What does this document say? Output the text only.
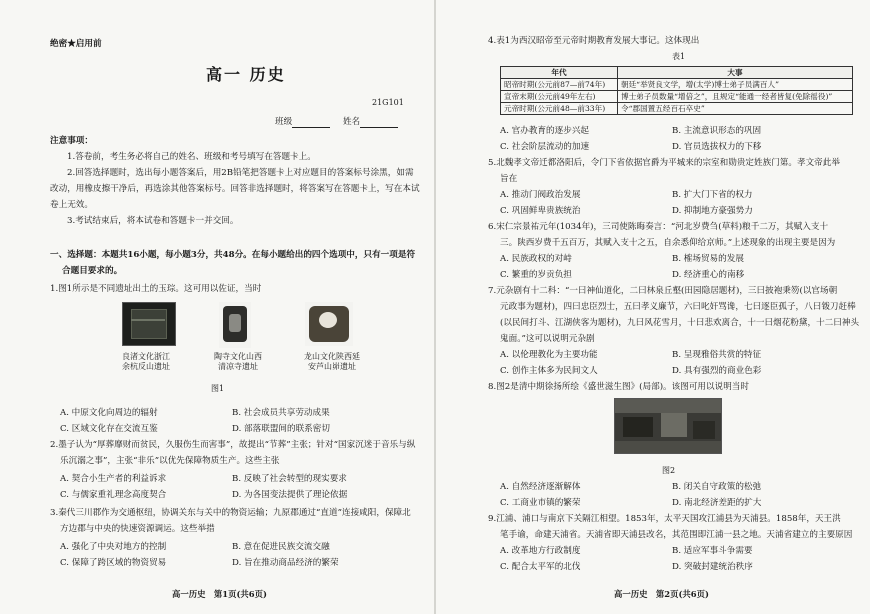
绝密★启用前
高一 历史
21G101
班级	姓名
注意事项：
1.答卷前，考生务必将自己的姓名、班级和考号填写在答题卡上。
2.回答选择题时，选出每小题答案后，用2B铅笔把答题卡上对应题目的答案标号涂黑，如需
改动，用橡皮擦干净后，再选涂其他答案标号。回答非选择题时，将答案写在答题卡上，写在本试
卷上无效。
3.考试结束后，将本试卷和答题卡一并交回。
一、选择题：本题共16小题，每小题3分，共48分。在每小题给出的四个选项中，只有一项是符
合题目要求的。
1.图1所示是不同遗址出土的玉琮。这可用以佐证，当时
良渚文化浙江
余杭反山遗址
陶寺文化山西
清凉寺遗址
龙山文化陕西延
安芦山峁遗址
图1
A. 中原文化向周边的辐射	B. 社会成员共享劳动成果
C. 区域文化存在交流互鉴	D. 部落联盟间的联系密切
2.墨子认为“厚葬靡财而贫民，久服伤生而害事”，故提出“节葬”主张；针对“国家沉迷于音乐与纵
乐沉溺之事”，主张“非乐”以优先保障物质生产。这些主张
A. 契合小生产者的利益诉求	B. 反映了社会转型的现实要求
C. 与儒家重礼理念高度契合	D. 为各国变法提供了理论依据
3.秦代三川郡作为交通枢纽，协调关东与关中的物资运输；九原郡通过“直道”连接咸阳，保障北
方边郡与中央的快速资源调运。这些举措
A. 强化了中央对地方的控制	B. 意在促进民族交流交融
C. 保障了跨区域的物资贸易	D. 旨在推动商品经济的繁荣
高一历史　第1页(共6页)
4.表1为西汉昭帝至元帝时期教育发展大事记。这体现出
表1
年代	大事
昭帝时期(公元前87—前74年)	朝廷“举贤良文学，增(太学)博士弟子员满百人”
宣帝末期(公元前49年左右)	博士弟子员数量“增倍之”，且规定“能通一经者皆复(免除徭役)”
元帝时期(公元前48—前33年)	令“郡国置五经百石卒史”
A. 官办教育的逐步兴起	B. 主流意识形态的巩固
C. 社会阶层流动的加速	D. 官员选拔权力的下移
5.北魏孝文帝迁都洛阳后，令门下省依据官爵为平城来的宗室和勋贵定姓族门第。孝文帝此举
旨在
A. 推动门阀政治发展	B. 扩大门下省的权力
C. 巩固鲜卑贵族统治	D. 抑制地方豪强势力
6.宋仁宗景祐元年(1034年)，三司使陈晦奏言：“河北岁费刍(草料)粮千二万，其赋入支十
三。陕西岁费千五百万，其赋入支十之五，自余悉仰给京师。”上述现象的出现主要是因为
A. 民族政权的对峙	B. 榷场贸易的发展
C. 繁重的岁贡负担	D. 经济重心的南移
7.元杂剧有十二科：“一曰神仙道化，二曰林泉丘壑(田园隐居题材)，三曰披袍秉笏(以官场朝
元政事为题材)，四曰忠臣烈士，五曰孝义廉节，六曰叱奸骂谗，七曰逐臣孤子，八曰䥽刀赶棒
(以民间打斗、江湖侠客为题材)，九曰风花雪月，十曰悲欢离合，十一曰烟花粉黛，十二曰神头
鬼面。”这可以说明元杂剧
A. 以伦理教化为主要功能	B. 呈现雅俗共赏的特征
C. 创作主体多为民间文人	D. 具有强烈的商业色彩
8.图2是清中期徐扬所绘《盛世滋生图》(局部)。该图可用以说明当时
图2
A. 自然经济逐渐解体	B. 闭关自守政策的松弛
C. 工商业市镇的繁荣	D. 南北经济差距的扩大
9.江浦、浦口与南京下关隔江相望。1853年，太平天国攻江浦县为天浦县。1858年，天王洪
笔手谕，命建天浦省。天浦省即天浦县改名，其范围即江浦一县之地。天浦省建立的主要原因
A. 改革地方行政制度	B. 适应军事斗争需要
C. 配合太平军的北伐	D. 突破封建统治秩序
高一历史　第2页(共6页)
